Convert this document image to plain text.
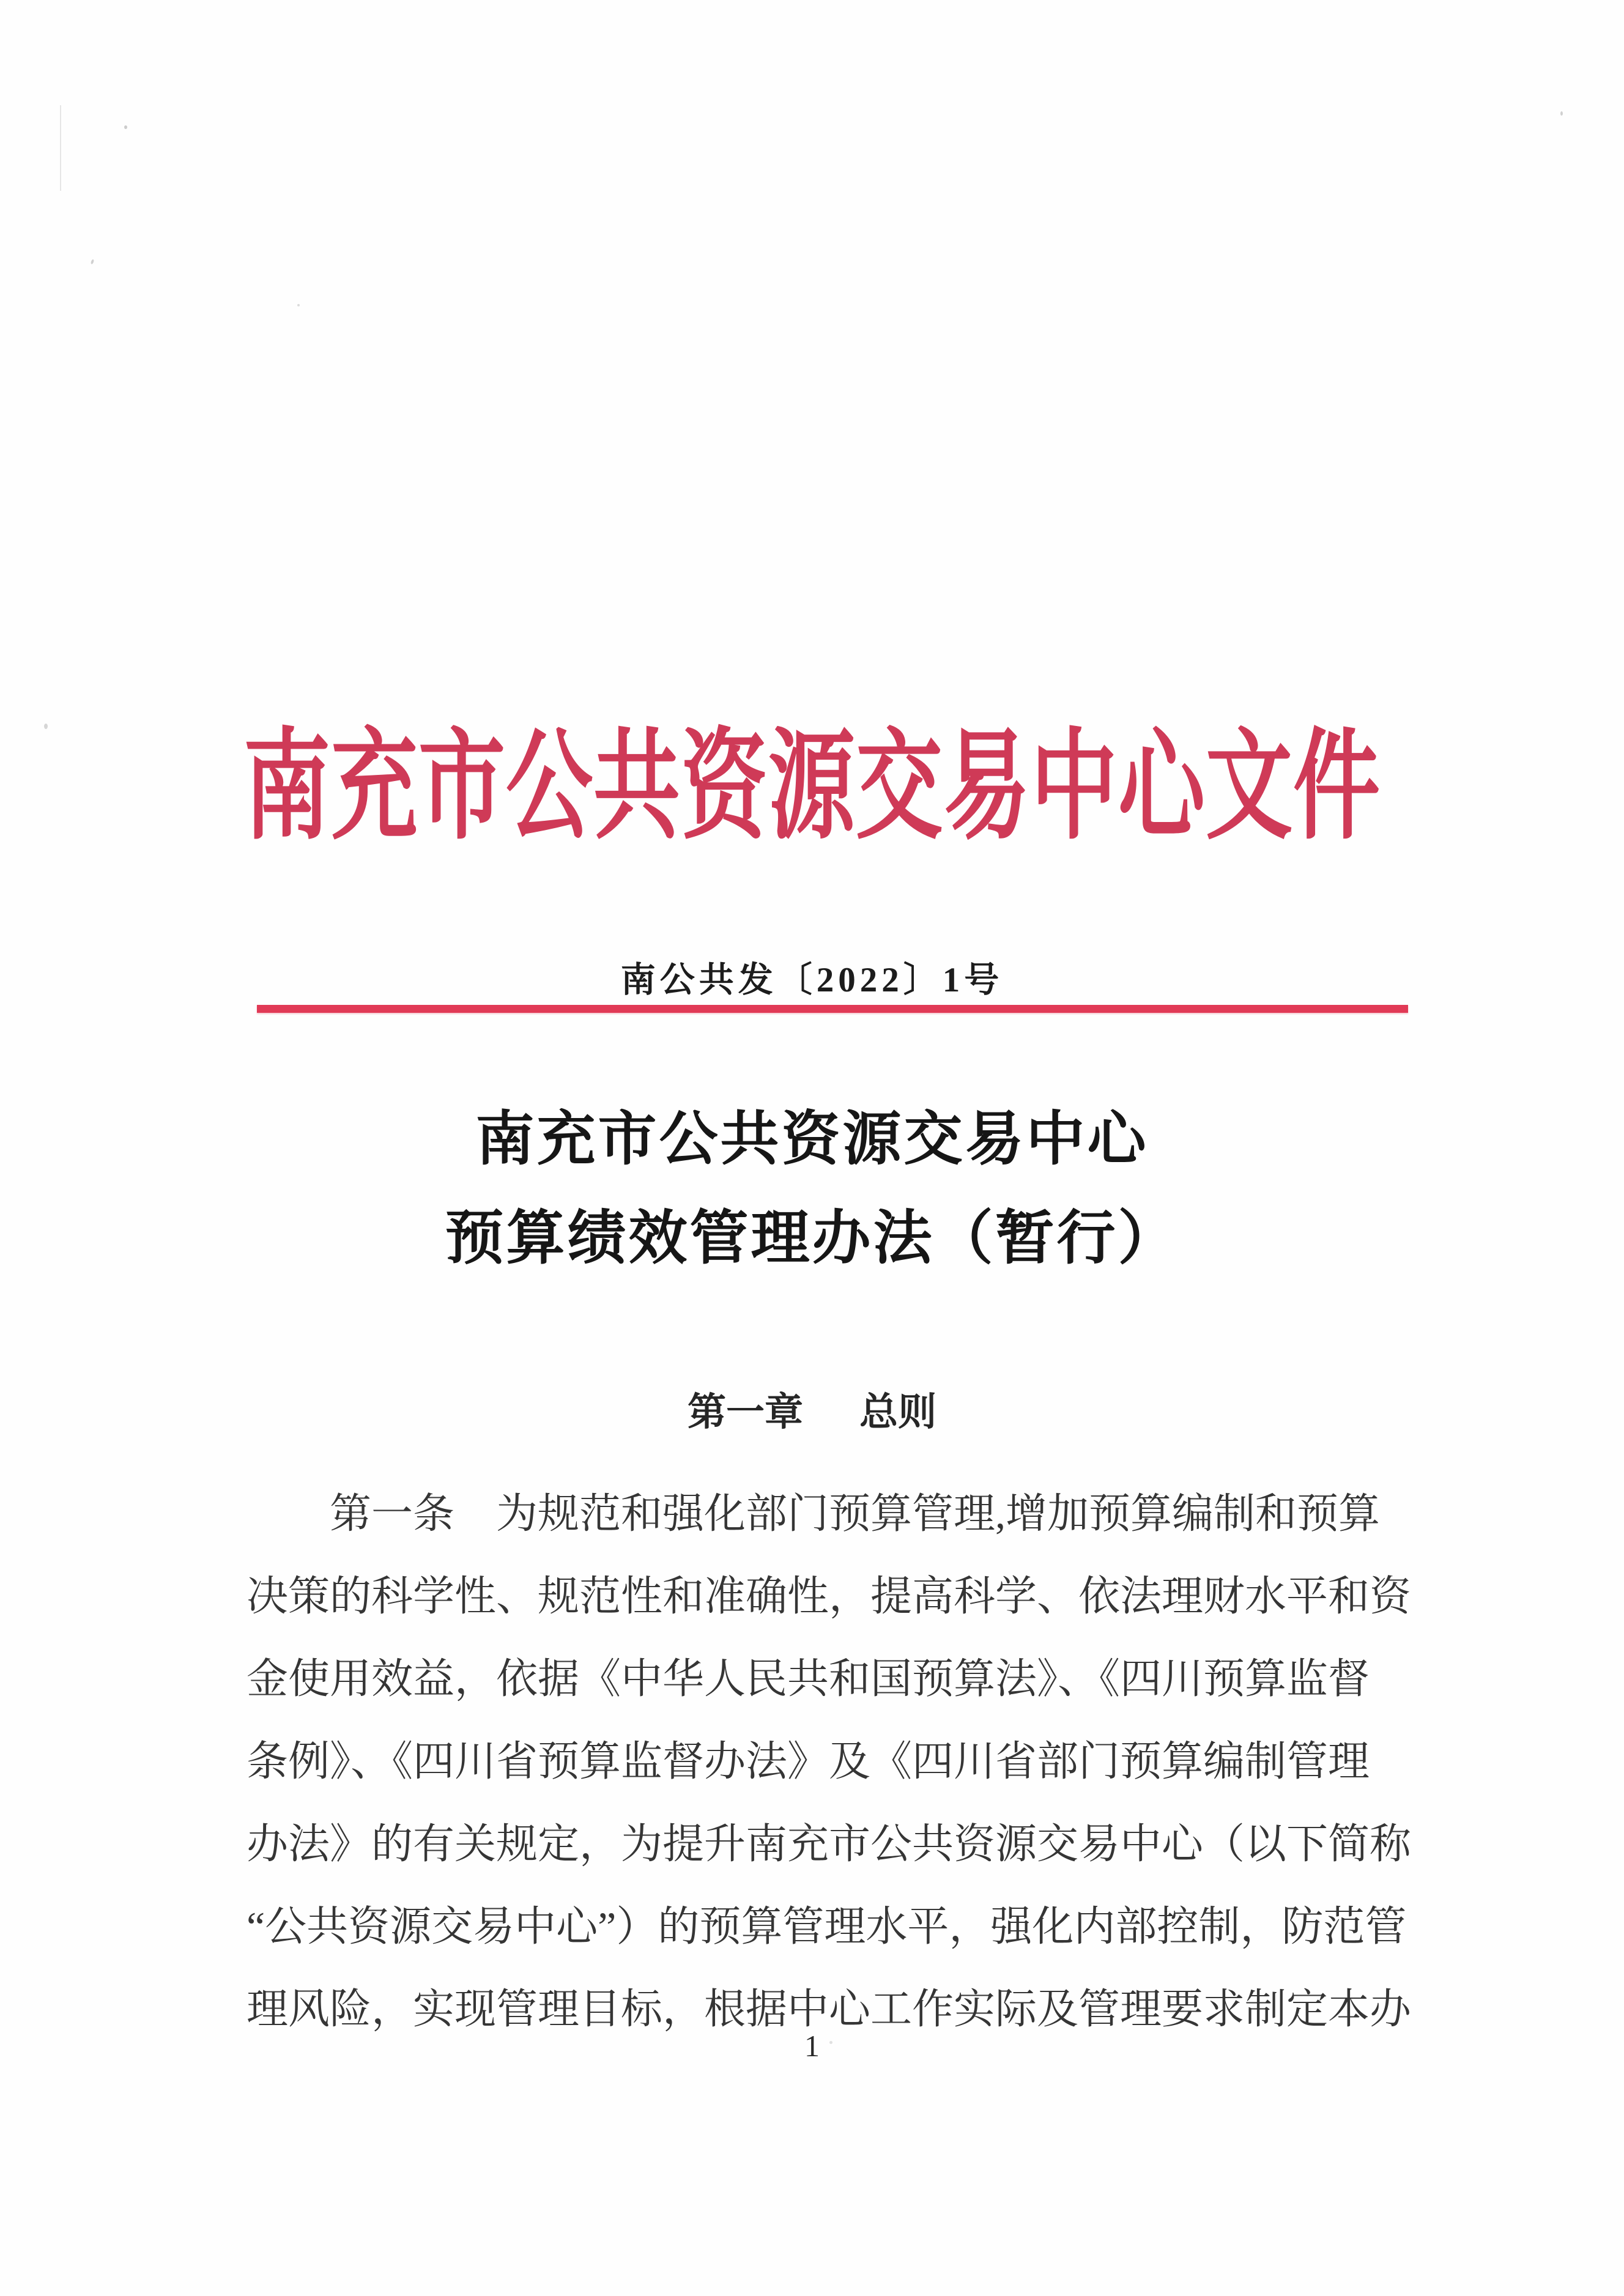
南充市公共资源交易中心文件
南公共发〔2022〕1号
南充市公共资源交易中心
预算绩效管理办法（暂行）
第一章 总则
第一条　为规范和强化部门预算管理,增加预算编制和预算
决策的科学性、规范性和准确性，提高科学、依法理财水平和资
金使用效益，依据《中华人民共和国预算法》、《四川预算监督
条例》、《四川省预算监督办法》及《四川省部门预算编制管理
办法》的有关规定，为提升南充市公共资源交易中心（以下简称
“公共资源交易中心”）的预算管理水平，强化内部控制，防范管
理风险，实现管理目标，根据中心工作实际及管理要求制定本办
1
